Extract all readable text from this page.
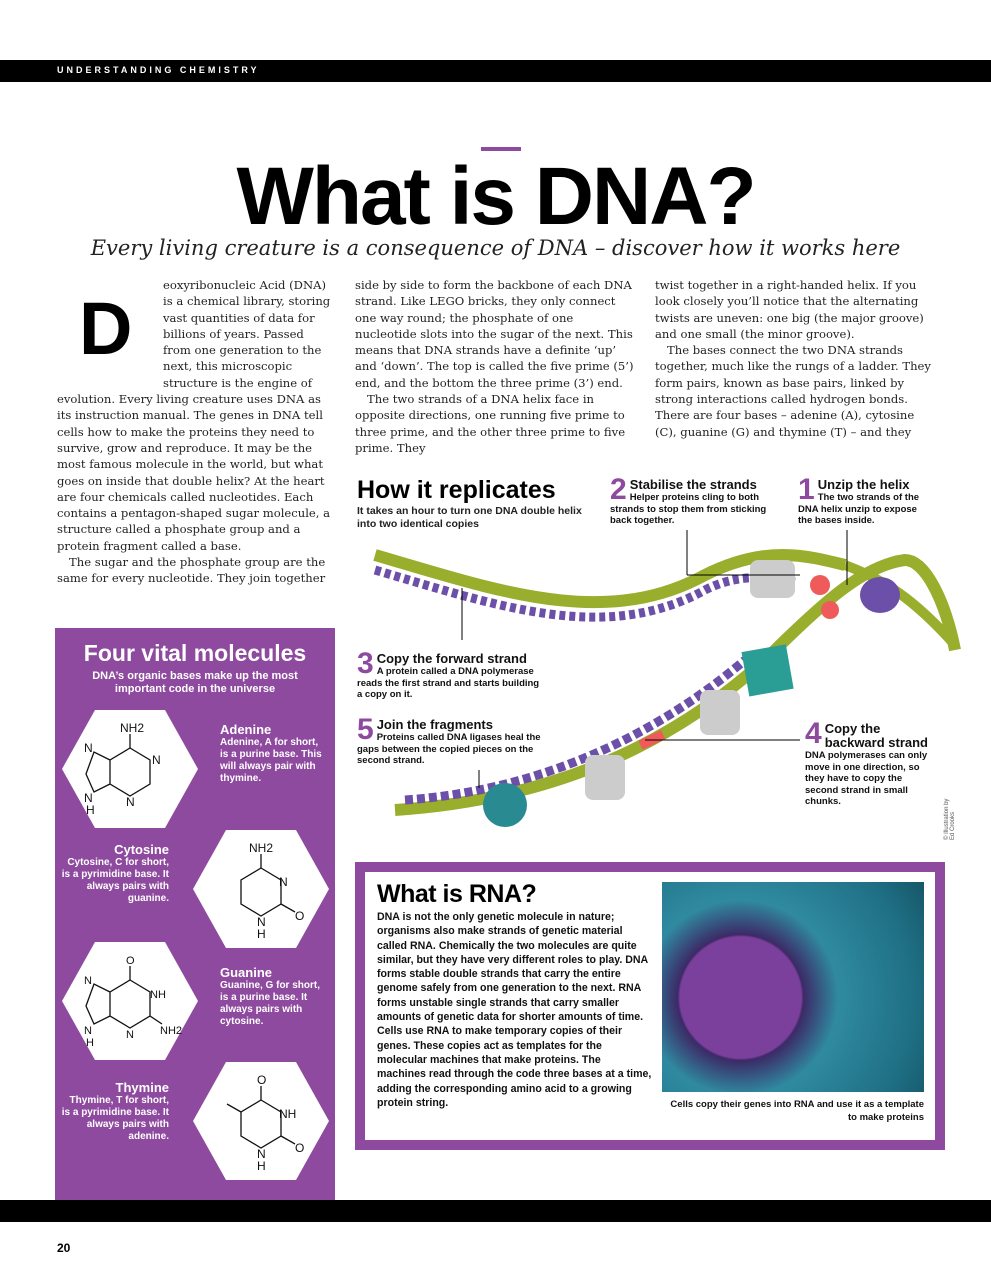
UNDERSTANDING CHEMISTRY
What is DNA?
Every living creature is a consequence of DNA – discover how it works here
D

eoxyribonucleic Acid (DNA) is a chemical library, storing vast quantities of data for billions of years. Passed from one generation to the next, this microscopic structure is the engine of evolution. Every living creature uses DNA as its instruction manual. The genes in DNA tell cells how to make the proteins they need to survive, grow and reproduce. It may be the most famous molecule in the world, but what goes on inside that double helix? At the heart are four chemicals called nucleotides. Each contains a pentagon-shaped sugar molecule, a structure called a phosphate group and a protein fragment called a base.

The sugar and the phosphate group are the same for every nucleotide. They join together

side by side to form the backbone of each DNA strand. Like LEGO bricks, they only connect one way round; the phosphate of one nucleotide slots into the sugar of the next. This means that DNA strands have a definite ‘up’ and ‘down’. The top is called the five prime (5’) end, and the bottom the three prime (3’) end.

The two strands of a DNA helix face in opposite directions, one running five prime to three prime, and the other three prime to five prime. They

twist together in a right-handed helix. If you look closely you’ll notice that the alternating twists are uneven: one big (the major groove) and one small (the minor groove).

The bases connect the two DNA strands together, much like the rungs of a ladder. They form pairs, known as base pairs, linked by strong interactions called hydrogen bonds. There are four bases – adenine (A), cytosine (C), guanine (G) and thymine (T) – and they

Four vital molecules
DNA’s organic bases make up the most important code in the universe
NH2
N
N
N
N
H
Adenine
Adenine, A for short, is a purine base. This will always pair with thymine.
NH2
N
N
H
O
Cytosine
Cytosine, C for short, is a pyrimidine base. It always pairs with guanine.
O
N
NH
N
N
H
NH2
Guanine
Guanine, G for short, is a purine base. It always pairs with cytosine.
O
NH
N
H
O
Thymine
Thymine, T for short, is a pyrimidine base. It always pairs with adenine.
How it replicates

It takes an hour to turn one DNA double helix into two identical copies

1 Unzip the helix
The two strands of the DNA helix unzip to expose the bases inside.
2 Stabilise the strands
Helper proteins cling to both strands to stop them from sticking back together.
3 Copy the forward strand
A protein called a DNA polymerase reads the first strand and starts building a copy on it.
4 Copy the backward strand
DNA polymerases can only move in one direction, so they have to copy the second strand in small chunks.
5 Join the fragments
Proteins called DNA ligases heal the gaps between the copied pieces on the second strand.
© Illustration by Ed Crooks
What is RNA?

DNA is not the only genetic molecule in nature; organisms also make strands of genetic material called RNA. Chemically the two molecules are quite similar, but they have very different roles to play. DNA forms stable double strands that carry the entire genome safely from one generation to the next. RNA forms unstable single strands that carry smaller amounts of genetic data for shorter amounts of time. Cells use RNA to make temporary copies of their genes. These copies act as templates for the molecular machines that make proteins. The machines read through the code three bases at a time, adding the corresponding amino acid to a growing protein string.	Cells copy their genes into RNA and use it as a template to make proteins
20
